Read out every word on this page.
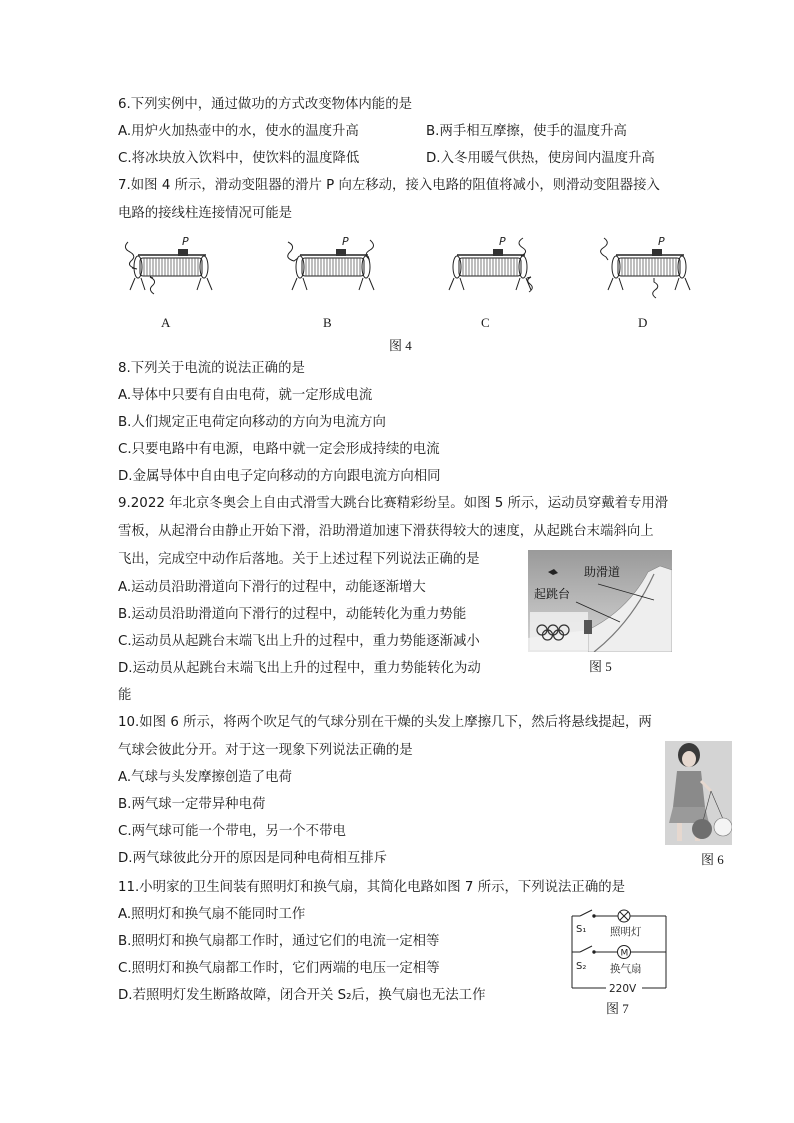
6.下列实例中，通过做功的方式改变物体内能的是
A.用炉火加热壶中的水，使水的温度升高	B.两手相互摩擦，使手的温度升高
C.将冰块放入饮料中，使饮料的温度降低	D.入冬用暖气供热，使房间内温度升高
7.如图 4 所示，滑动变阻器的滑片 P 向左移动，接入电路的阻值将减小，则滑动变阻器接入
电路的接线柱连接情况可能是
P	P	P	P
A	B	C	D
图 4
8.下列关于电流的说法正确的是
A.导体中只要有自由电荷，就一定形成电流
B.人们规定正电荷定向移动的方向为电流方向
C.只要电路中有电源，电路中就一定会形成持续的电流
D.金属导体中自由电子定向移动的方向跟电流方向相同
9.2022 年北京冬奥会上自由式滑雪大跳台比赛精彩纷呈。如图 5 所示，运动员穿戴着专用滑
雪板，从起滑台由静止开始下滑，沿助滑道加速下滑获得较大的速度，从起跳台末端斜向上
飞出，完成空中动作后落地。关于上述过程下列说法正确的是
A.运动员沿助滑道向下滑行的过程中，动能逐渐增大
B.运动员沿助滑道向下滑行的过程中，动能转化为重力势能
C.运动员从起跳台末端飞出上升的过程中，重力势能逐渐减小
D.运动员从起跳台末端飞出上升的过程中，重力势能转化为动
能
助滑道
起跳台
图 5
10.如图 6 所示，将两个吹足气的气球分别在干燥的头发上摩擦几下，然后将悬线提起，两
气球会彼此分开。对于这一现象下列说法正确的是
A.气球与头发摩擦创造了电荷
B.两气球一定带异种电荷
C.两气球可能一个带电，另一个不带电
D.两气球彼此分开的原因是同种电荷相互排斥	图 6
11.小明家的卫生间装有照明灯和换气扇，其简化电路如图 7 所示，下列说法正确的是
A.照明灯和换气扇不能同时工作
B.照明灯和换气扇都工作时，通过它们的电流一定相等
C.照明灯和换气扇都工作时，它们两端的电压一定相等
D.若照明灯发生断路故障，闭合开关 S₂后，换气扇也无法工作
S₁
S₂
照明灯
M
换气扇
220V
图 7
